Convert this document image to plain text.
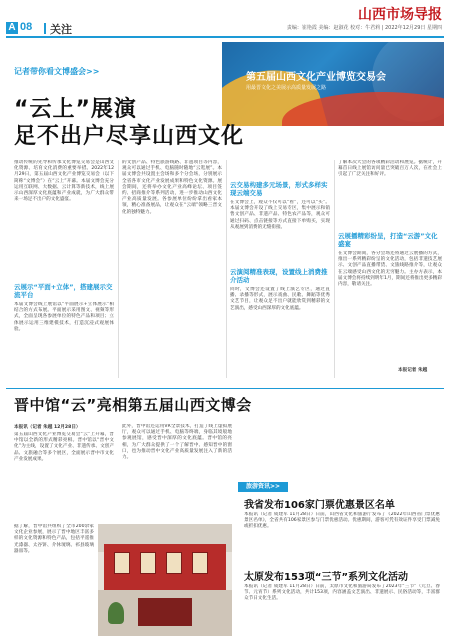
A 08 关注
山西市场导报
责编：崔艳霞 美编：赵淑花 校对：牛君莉 | 2022年12月29日 星期四
第五届山西文化产业博览交易会
用最晋文化之美展示高质量发展之路
记者带你看文博盛会>>
“云上”展演
足不出户尽享山西文化
推动传统的先导和传承文化博览交易会是山西文化资源、培育文化消费的重要举措。2022年12月29日，第五届山西文化产业博览交易会（以下简称“文博会”）在“云上”开幕。本届文博会充分运用互联网、大数据、云计算等新技术，线上展示山西深厚文化底蕴和产业成就，为广大群众带来一场足不出户的文化盛宴。
云展示“平面+立体”，搭建展示交流平台
本届文博会线上展馆以“平面展示+立体展示”相结合的方式布展。平面展示采用图文、视频等形式，全面呈现各参展单位的特色产品和项目；立体展示运用三维建模技术，打造沉浸式观展体验。
的文创产品、特色旅游线路、非遗项目等内容，观众可以通过手机、电脑随时随地“云逛展”。本届文博会共设置主会场和多个分会场，分别展示全省各市文化产业发展成果和特色文化资源。展会期间，还将举办文化产业高峰论坛、项目签约、招商推介等系列活动，进一步推动山西文化产业高质量发展。各参展单位纷纷拿出看家本领，精心准备展品，让观众在“云端”领略三晋文化的独特魅力。
云交易构建多元场景，形式多样实现云端交易
在文博会上，观众不仅可以“看”，还可以“买”。本届文博会开设了线上交易专区，集中展示和销售文创产品、非遗产品、特色农产品等，观众可通过扫码、点击链接等方式直接下单购买，实现从观展到消费的无缝衔接。
云演阅精准表现，设置线上消费推介活动
同时，文博会还设置了线上演艺专区，通过直播、录播等形式，展示戏曲、民歌、舞蹈等优秀文艺节目，让观众足不出户就能欣赏到精彩的文艺演出，感受山西深厚的文化底蕴。
了解本次大会的各项精彩活动和展览。据统计，开幕首日线上展馆访问量已突破百万人次，在社会上引起了广泛关注和好评。
云展播精彩纷呈，打造“云游”文化盛宴
在文博会期间，各分会场还将通过云展播的方式，推出一系列精彩纷呈的文化活动，包括非遗技艺展示、文创产品直播带货、文旅线路推介等，让观众在云端感受山西文化的无穷魅力。主办方表示，本届文博会将持续到明年1月，期间还将推出更多精彩内容，敬请关注。
本报记者 朱越
晋中馆“云”亮相第五届山西文博会
本报讯（记者 朱越 12月28日）
第五届山西文化产业博览交易会“云”上开幕，晋中馆以全新的形式精彩亮相。晋中馆以“晋中文化”为主线，设置了文化产业、非遗传承、文创产品、文旅融合等多个展区，全面展示晋中市文化产业发展成果。
据了解，晋中馆共组织了全市200余家文化企业参展，展示了晋中地区丰富多样的文化资源和特色产品，包括平遥推光漆器、太谷饼、介休琉璃、祁县玻璃器皿等。
此外，晋中馆还运用VR全景技术，打造了线上虚拟展厅，观众可以通过手机、电脑等终端，身临其境般地参观展馆，感受晋中深厚的文化底蕴。晋中馆的亮相，为广大群众提供了一个了解晋中、感知晋中的窗口，也为推动晋中文化产业高质量发展注入了新的活力。
旅游资讯>>
我省发布106家门票优惠景区名单
本报讯（记者 成建军 11月28日）日前，山西省文化和旅游厅发布了《2022年山西省门票优惠景区名单》，全省共有106家景区参与门票优惠活动。优惠期间，游客可凭有效证件享受门票减免或折扣优惠。
太原发布153项“三节”系列文化活动
本报讯（记者 成建军 11月28日）日前，太原市文化和旅游局发布了2023年“三节”（元旦、春节、元宵节）系列文化活动，共计153项，内容涵盖文艺演出、非遗展示、民俗活动等，丰富群众节日文化生活。
